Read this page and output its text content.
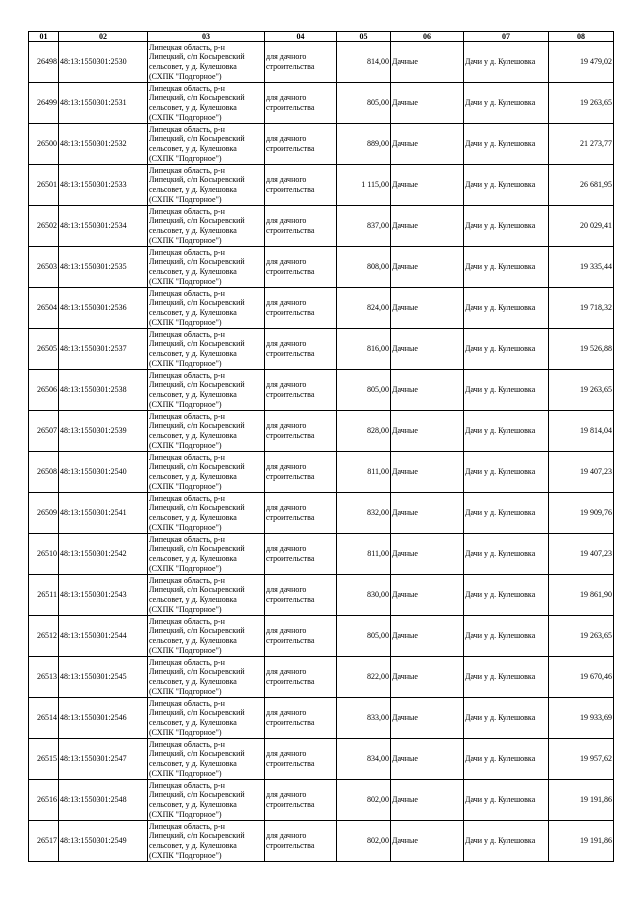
01	02	03	04	05	06	07	08
26498	48:13:1550301:2530	Липецкая область, р-н
Липецкий, с/п Косыревский
сельсовет, у д. Кулешовка
(СХПК "Подгорное")	для дачного
строительства	814,00	Дачные	Дачи у д. Кулешовка	19 479,02
26499	48:13:1550301:2531	Липецкая область, р-н
Липецкий, с/п Косыревский
сельсовет, у д. Кулешовка
(СХПК "Подгорное")	для дачного
строительства	805,00	Дачные	Дачи у д. Кулешовка	19 263,65
26500	48:13:1550301:2532	Липецкая область, р-н
Липецкий, с/п Косыревский
сельсовет, у д. Кулешовка
(СХПК "Подгорное")	для дачного
строительства	889,00	Дачные	Дачи у д. Кулешовка	21 273,77
26501	48:13:1550301:2533	Липецкая область, р-н
Липецкий, с/п Косыревский
сельсовет, у д. Кулешовка
(СХПК "Подгорное")	для дачного
строительства	1 115,00	Дачные	Дачи у д. Кулешовка	26 681,95
26502	48:13:1550301:2534	Липецкая область, р-н
Липецкий, с/п Косыревский
сельсовет, у д. Кулешовка
(СХПК "Подгорное")	для дачного
строительства	837,00	Дачные	Дачи у д. Кулешовка	20 029,41
26503	48:13:1550301:2535	Липецкая область, р-н
Липецкий, с/п Косыревский
сельсовет, у д. Кулешовка
(СХПК "Подгорное")	для дачного
строительства	808,00	Дачные	Дачи у д. Кулешовка	19 335,44
26504	48:13:1550301:2536	Липецкая область, р-н
Липецкий, с/п Косыревский
сельсовет, у д. Кулешовка
(СХПК "Подгорное")	для дачного
строительства	824,00	Дачные	Дачи у д. Кулешовка	19 718,32
26505	48:13:1550301:2537	Липецкая область, р-н
Липецкий, с/п Косыревский
сельсовет, у д. Кулешовка
(СХПК "Подгорное")	для дачного
строительства	816,00	Дачные	Дачи у д. Кулешовка	19 526,88
26506	48:13:1550301:2538	Липецкая область, р-н
Липецкий, с/п Косыревский
сельсовет, у д. Кулешовка
(СХПК "Подгорное")	для дачного
строительства	805,00	Дачные	Дачи у д. Кулешовка	19 263,65
26507	48:13:1550301:2539	Липецкая область, р-н
Липецкий, с/п Косыревский
сельсовет, у д. Кулешовка
(СХПК "Подгорное")	для дачного
строительства	828,00	Дачные	Дачи у д. Кулешовка	19 814,04
26508	48:13:1550301:2540	Липецкая область, р-н
Липецкий, с/п Косыревский
сельсовет, у д. Кулешовка
(СХПК "Подгорное")	для дачного
строительства	811,00	Дачные	Дачи у д. Кулешовка	19 407,23
26509	48:13:1550301:2541	Липецкая область, р-н
Липецкий, с/п Косыревский
сельсовет, у д. Кулешовка
(СХПК "Подгорное")	для дачного
строительства	832,00	Дачные	Дачи у д. Кулешовка	19 909,76
26510	48:13:1550301:2542	Липецкая область, р-н
Липецкий, с/п Косыревский
сельсовет, у д. Кулешовка
(СХПК "Подгорное")	для дачного
строительства	811,00	Дачные	Дачи у д. Кулешовка	19 407,23
26511	48:13:1550301:2543	Липецкая область, р-н
Липецкий, с/п Косыревский
сельсовет, у д. Кулешовка
(СХПК "Подгорное")	для дачного
строительства	830,00	Дачные	Дачи у д. Кулешовка	19 861,90
26512	48:13:1550301:2544	Липецкая область, р-н
Липецкий, с/п Косыревский
сельсовет, у д. Кулешовка
(СХПК "Подгорное")	для дачного
строительства	805,00	Дачные	Дачи у д. Кулешовка	19 263,65
26513	48:13:1550301:2545	Липецкая область, р-н
Липецкий, с/п Косыревский
сельсовет, у д. Кулешовка
(СХПК "Подгорное")	для дачного
строительства	822,00	Дачные	Дачи у д. Кулешовка	19 670,46
26514	48:13:1550301:2546	Липецкая область, р-н
Липецкий, с/п Косыревский
сельсовет, у д. Кулешовка
(СХПК "Подгорное")	для дачного
строительства	833,00	Дачные	Дачи у д. Кулешовка	19 933,69
26515	48:13:1550301:2547	Липецкая область, р-н
Липецкий, с/п Косыревский
сельсовет, у д. Кулешовка
(СХПК "Подгорное")	для дачного
строительства	834,00	Дачные	Дачи у д. Кулешовка	19 957,62
26516	48:13:1550301:2548	Липецкая область, р-н
Липецкий, с/п Косыревский
сельсовет, у д. Кулешовка
(СХПК "Подгорное")	для дачного
строительства	802,00	Дачные	Дачи у д. Кулешовка	19 191,86
26517	48:13:1550301:2549	Липецкая область, р-н
Липецкий, с/п Косыревский
сельсовет, у д. Кулешовка
(СХПК "Подгорное")	для дачного
строительства	802,00	Дачные	Дачи у д. Кулешовка	19 191,86
